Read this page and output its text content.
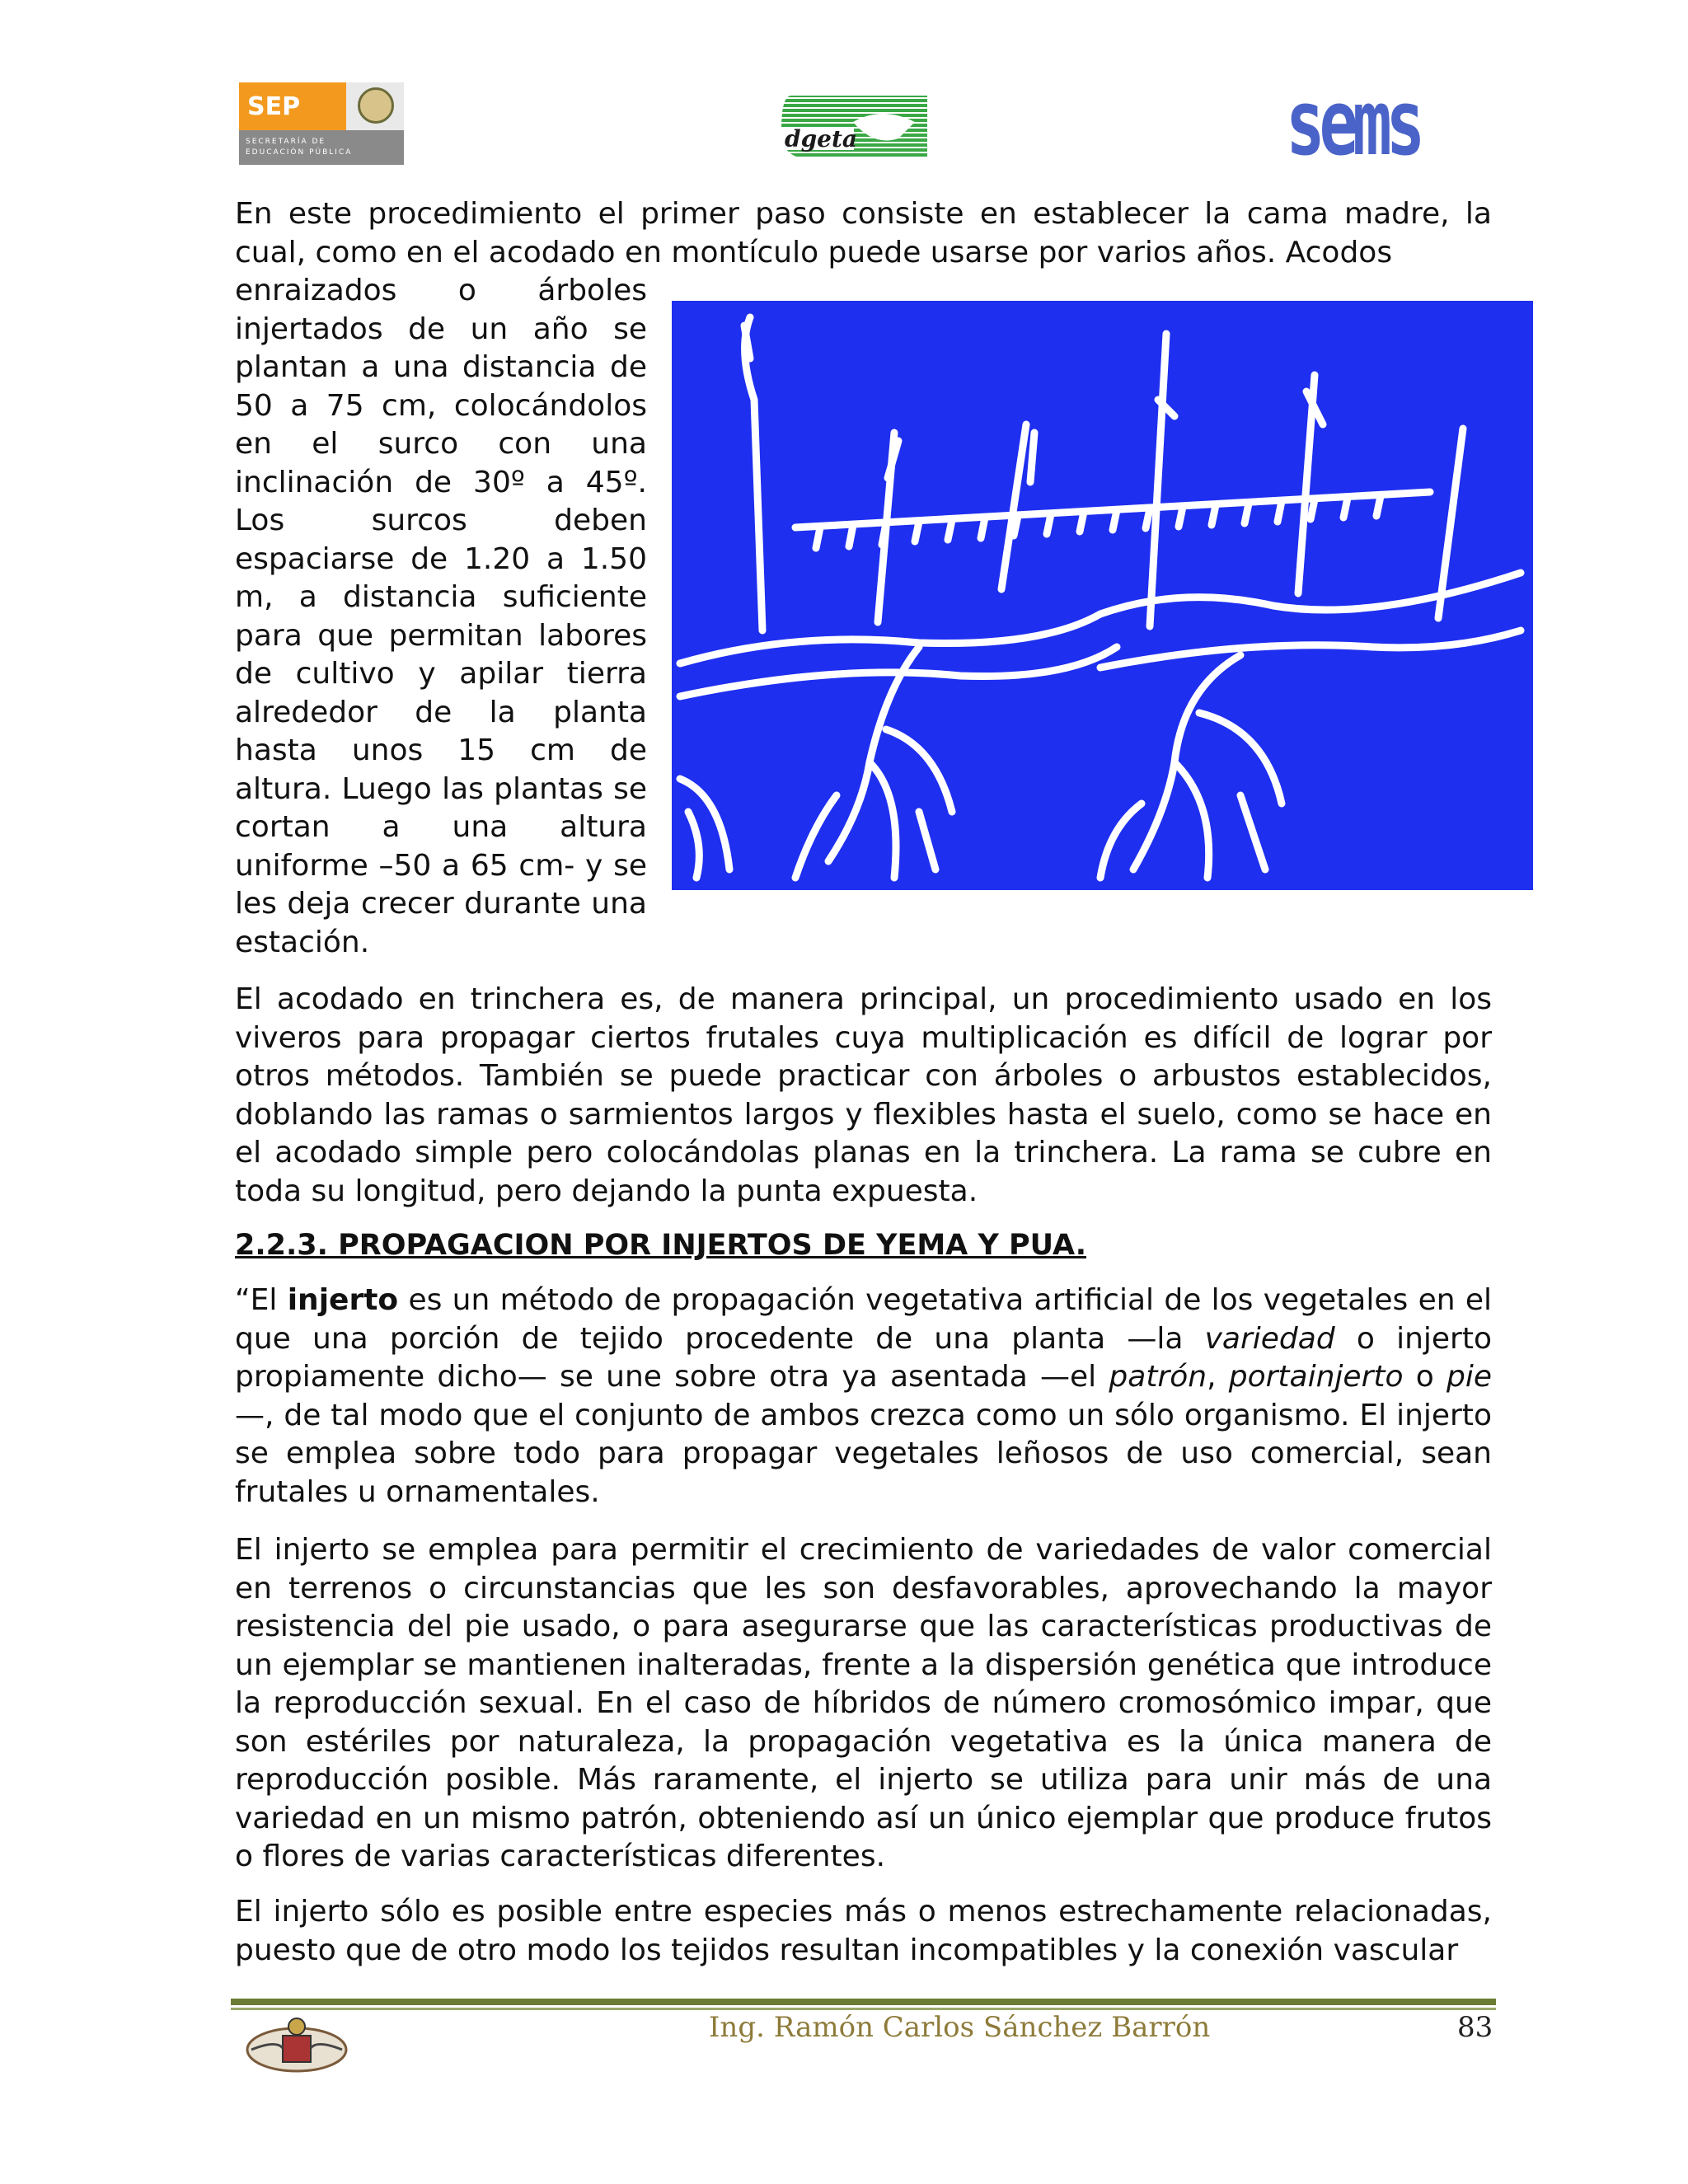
SEP
SECRETARÍA DE
EDUCACIÓN PÚBLICA	dgeta	sems
En este procedimiento el primer paso consiste en establecer la cama madre, la cual, como en el acodado en montículo puede usarse por varios años. Acodos
enraizados o árboles injertados de un año se plantan a una distancia de 50 a 75 cm, colocándolos en el surco con una inclinación de 30º a 45º. Los surcos deben espaciarse de 1.20 a 1.50 m, a distancia suficiente para que permitan labores de cultivo y apilar tierra alrededor de la planta hasta unos 15 cm de altura. Luego las plantas se cortan a una altura uniforme –50 a 65 cm- y se les deja crecer durante una estación.
El acodado en trinchera es, de manera principal, un procedimiento usado en los viveros para propagar ciertos frutales cuya multiplicación es difícil de lograr por otros métodos. También se puede practicar con árboles o arbustos establecidos, doblando las ramas o sarmientos largos y flexibles hasta el suelo, como se hace en el acodado simple pero colocándolas planas en la trinchera. La rama se cubre en toda su longitud, pero dejando la punta expuesta.
2.2.3. PROPAGACION POR INJERTOS DE YEMA Y PUA.
“El injerto es un método de propagación vegetativa artificial de los vegetales en el que una porción de tejido procedente de una planta —la variedad o injerto propiamente dicho— se une sobre otra ya asentada —el patrón, portainjerto o pie—, de tal modo que el conjunto de ambos crezca como un sólo organismo. El injerto se emplea sobre todo para propagar vegetales leñosos de uso comercial, sean frutales u ornamentales.
El injerto se emplea para permitir el crecimiento de variedades de valor comercial en terrenos o circunstancias que les son desfavorables, aprovechando la mayor resistencia del pie usado, o para asegurarse que las características productivas de un ejemplar se mantienen inalteradas, frente a la dispersión genética que introduce la reproducción sexual. En el caso de híbridos de número cromosómico impar, que son estériles por naturaleza, la propagación vegetativa es la única manera de reproducción posible. Más raramente, el injerto se utiliza para unir más de una variedad en un mismo patrón, obteniendo así un único ejemplar que produce frutos o flores de varias características diferentes.
El injerto sólo es posible entre especies más o menos estrechamente relacionadas, puesto que de otro modo los tejidos resultan incompatibles y la conexión vascular
Ing. Ramón Carlos Sánchez Barrón	83
